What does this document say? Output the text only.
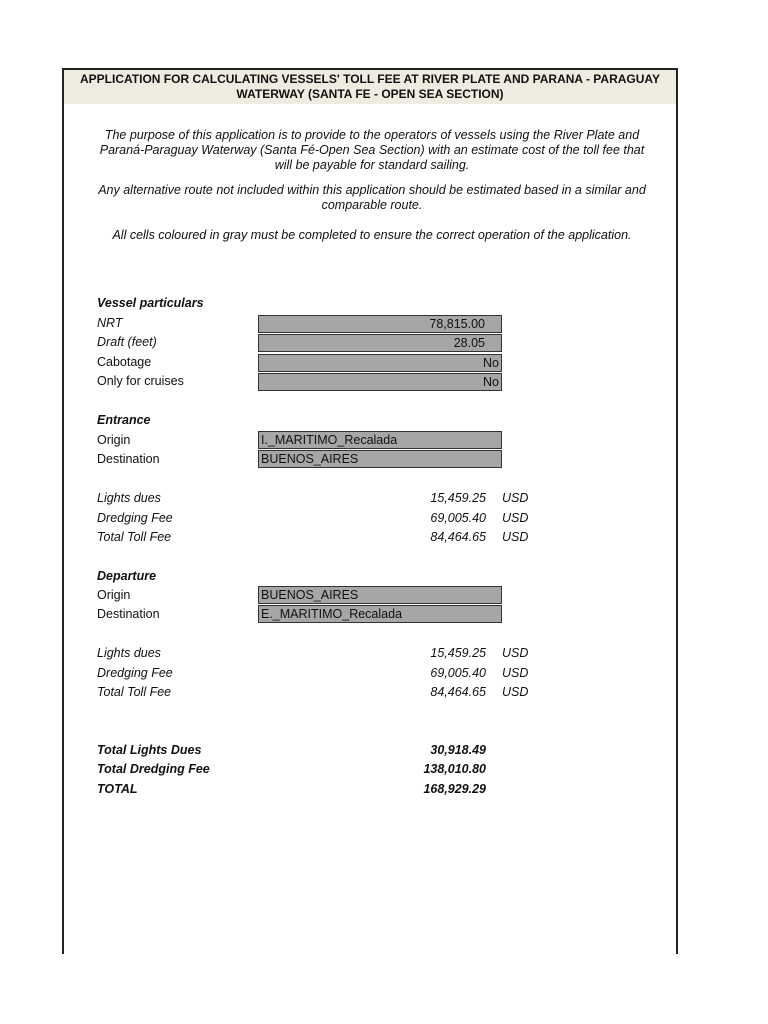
APPLICATION FOR CALCULATING VESSELS' TOLL FEE AT RIVER PLATE AND PARANA - PARAGUAY
WATERWAY (SANTA FE - OPEN SEA SECTION)
The purpose of this application is to provide to the operators of vessels using the River Plate and Paraná-Paraguay Waterway (Santa Fé-Open Sea Section) with an estimate cost of the toll fee that will be payable for standard sailing.
Any alternative route not included within this application should be estimated based in a similar and comparable route.
All cells coloured in gray must be completed to ensure the correct operation of the application.
Vessel particulars
NRT	78,815.00
Draft (feet)	28.05
Cabotage	No
Only for cruises	No
Entrance
Origin	I._MARITIMO_Recalada
Destination	BUENOS_AIRES
Lights dues	15,459.25 USD
Dredging Fee	69,005.40 USD
Total Toll Fee	84,464.65 USD
Departure
Origin	BUENOS_AIRES
Destination	E._MARITIMO_Recalada
Lights dues	15,459.25 USD
Dredging Fee	69,005.40 USD
Total Toll Fee	84,464.65 USD
Total Lights Dues	30,918.49
Total Dredging Fee	138,010.80
TOTAL	168,929.29
